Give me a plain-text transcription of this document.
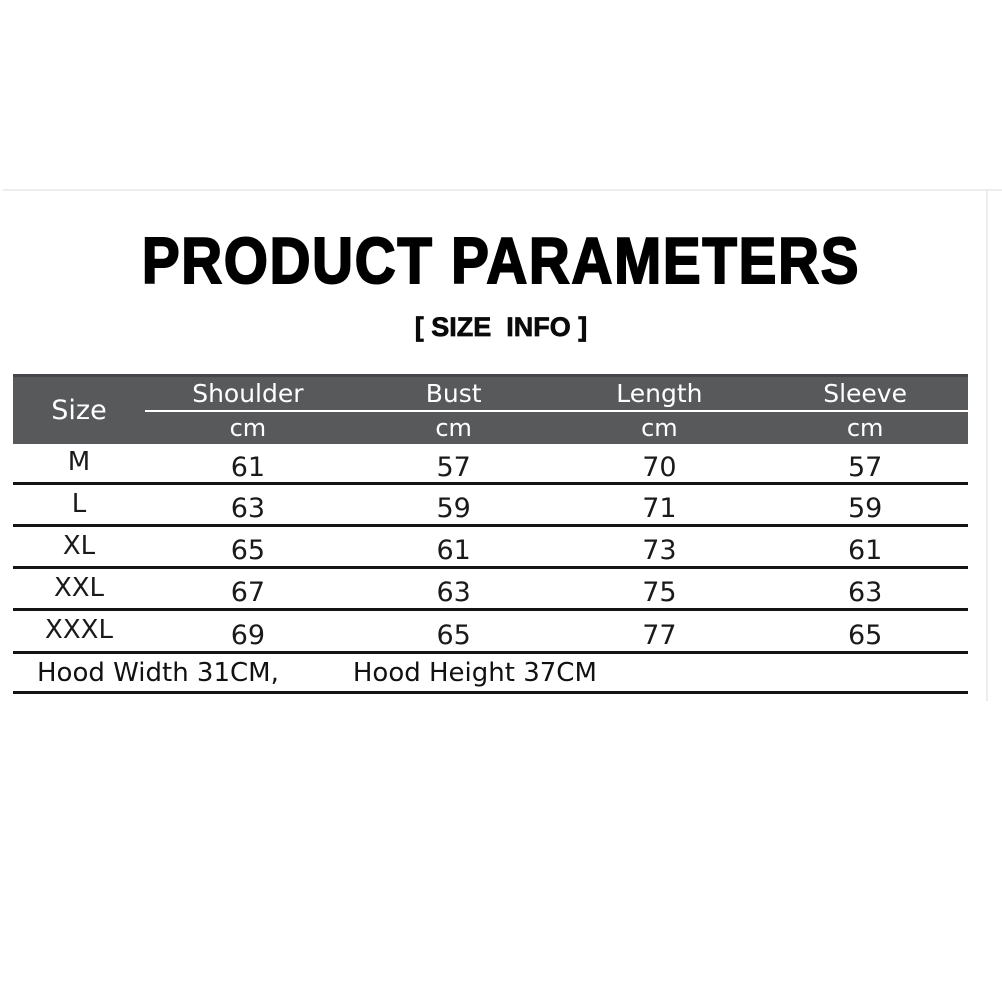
PRODUCT PARAMETERS
[ SIZE  INFO ]
Size
Shoulder	Bust	Length	Sleeve
cm	cm	cm	cm
M	61	57	70	57
L	63	59	71	59
XL	65	61	73	61
XXL	67	63	75	63
XXXL	69	65	77	65
Hood Width 31CM,	Hood Height 37CM
